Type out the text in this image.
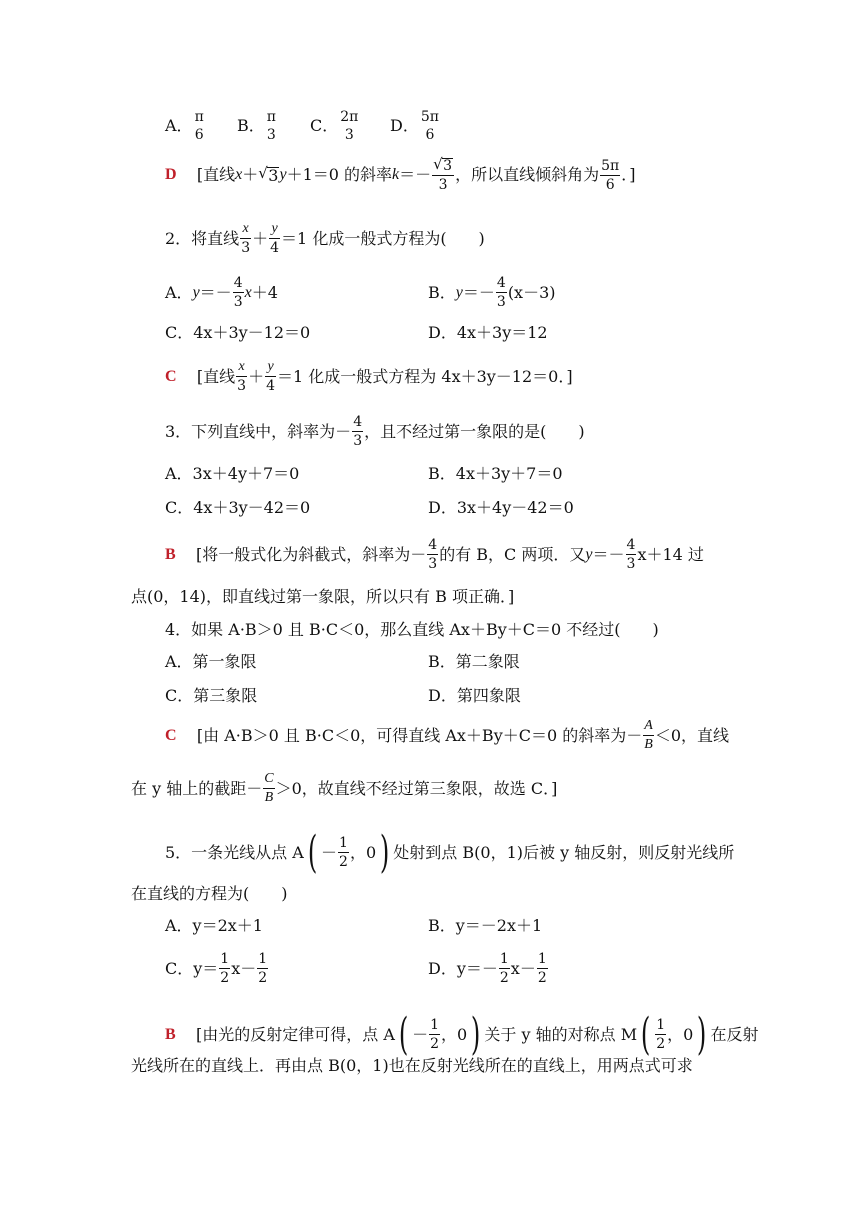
A． π
6 B． π
3 C． 2π
3	D． 5π
6
D [直线x＋ √ 3y＋1＝0 的斜率k＝－ √ $\frac{3}{3}$ ，所以直线倾斜角为 $\frac{5\pi}{6}$ ．]
2．将直线 $\frac{x}{3} + \frac{y}{4} =1$ 化成一般式方程为(　　)
A．$y=- \frac{4}{3} x+4$	B．$y=- \frac{4}{3} (x-3)$
C．4x＋3y－12＝0	D．4x＋3y＝12
C [直线 $\frac{x}{3} + \frac{y}{4} =1$ 化成一般式方程为 4x＋3y－12＝0．]
3．下列直线中，斜率为－ $\frac{4}{3}$ ，且不经过第一象限的是(　　)
A．3x＋4y＋7＝0	B．4x＋3y＋7＝0
C．4x＋3y－42＝0	D．3x＋4y－42＝0
B [将一般式化为斜截式，斜率为－ $\frac{4}{3}$ 的有 B，C 两项．又$y=- \frac{4}{3} x+14$ 过
点(0，14)，即直线过第一象限，所以只有 B 项正确．]
4．如果 A·B＞0 且 B·C＜0，那么直线 Ax＋By＋C＝0 不经过(　　)
A．第一象限	B．第二象限
C．第三象限	D．第四象限
C [由 A·B＞0 且 B·C＜0，可得直线 Ax＋By＋C＝0 的斜率为－ $\frac{A}{B} <0$，直线
在 y 轴上的截距－ $\frac{C}{B} >0$，故直线不经过第三象限，故选 C．]
5．一条光线从点 $A( - \frac{1}{2}$ ，0) 处射到点 B(0，1)后被 y 轴反射，则反射光线所
在直线的方程为(　　)
A．y＝2x＋1	B．y＝－2x＋1
C．$y= \frac{1}{2} x- \frac{1}{2}$	D．$y=- \frac{1}{2} x- \frac{1}{2}$
B [由光的反射定律可得，点 $A( - \frac{1}{2}$ ，0) 关于 y 轴的对称点 $M( \frac{1}{2}$ ，0) 在反射
光线所在的直线上．再由点 B(0，1)也在反射光线所在的直线上，用两点式可求
